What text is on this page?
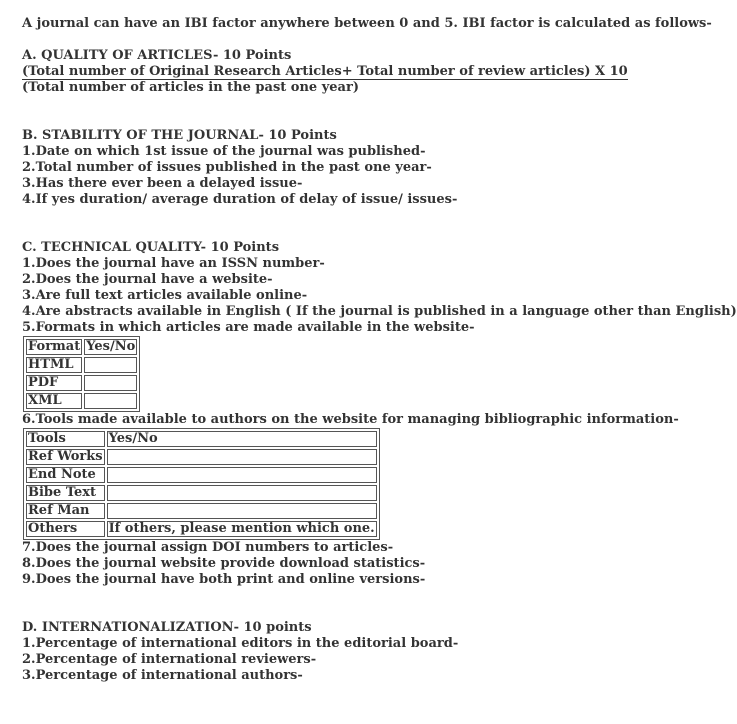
A journal can have an IBI factor anywhere between 0 and 5. IBI factor is calculated as follows-
A. QUALITY OF ARTICLES- 10 Points
(Total number of Original Research Articles+ Total number of review articles) X 10
(Total number of articles in the past one year)
B. STABILITY OF THE JOURNAL- 10 Points
1.Date on which 1st issue of the journal was published-
2.Total number of issues published in the past one year-
3.Has there ever been a delayed issue-
4.If yes duration/ average duration of delay of issue/ issues-
C. TECHNICAL QUALITY- 10 Points
1.Does the journal have an ISSN number-
2.Does the journal have a website-
3.Are full text articles available online-
4.Are abstracts available in English ( If the journal is published in a language other than English)
5.Formats in which articles are made available in the website-
Format	Yes/No
HTML	
PDF	
XML	
6.Tools made available to authors on the website for managing bibliographic information-
Tools	Yes/No
Ref Works	
End Note	
Bibe Text	
Ref Man	
Others	If others, please mention which one.
7.Does the journal assign DOI numbers to articles-
8.Does the journal website provide download statistics-
9.Does the journal have both print and online versions-
D. INTERNATIONALIZATION- 10 points
1.Percentage of international editors in the editorial board-
2.Percentage of international reviewers-
3.Percentage of international authors-
